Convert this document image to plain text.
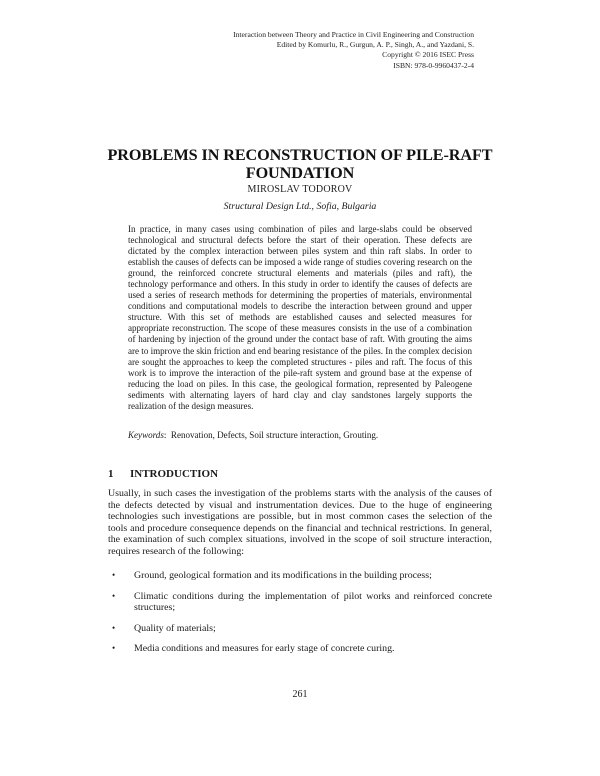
Interaction between Theory and Practice in Civil Engineering and Construction
Edited by Komurlu, R., Gurgun, A. P., Singh, A., and Yazdani, S.
Copyright © 2016 ISEC Press
ISBN: 978-0-9960437-2-4
PROBLEMS IN RECONSTRUCTION OF PILE-RAFT
FOUNDATION
MIROSLAV TODOROV
Structural Design Ltd., Sofia, Bulgaria

In practice, in many cases using combination of piles and large-slabs could be observed technological and structural defects before the start of their operation. These defects are dictated by the complex interaction between piles system and thin raft slabs. In order to establish the causes of defects can be imposed a wide range of studies covering research on the ground, the reinforced concrete structural elements and materials (piles and raft), the technology performance and others. In this study in order to identify the causes of defects are used a series of research methods for determining the properties of materials, environmental conditions and computational models to describe the interaction between ground and upper structure. With this set of methods are established causes and selected measures for appropriate reconstruction. The scope of these measures consists in the use of a combination of hardening by injection of the ground under the contact base of raft. With grouting the aims are to improve the skin friction and end bearing resistance of the piles. In the complex decision are sought the approaches to keep the completed structures - piles and raft. The focus of this work is to improve the interaction of the pile-raft system and ground base at the expense of reducing the load on piles. In this case, the geological formation, represented by Paleogene sediments with alternating layers of hard clay and clay sandstones largely supports the realization of the design measures.

Keywords:  Renovation, Defects, Soil structure interaction, Grouting.

1 INTRODUCTION

Usually, in such cases the investigation of the problems starts with the analysis of the causes of the defects detected by visual and instrumentation devices. Due to the huge of engineering technologies such investigations are possible, but in most common cases the selection of the tools and procedure consequence depends on the financial and technical restrictions. In general, the examination of such complex situations, involved in the scope of soil structure interaction, requires research of the following:

• Ground, geological formation and its modifications in the building process;
• Climatic conditions during the implementation of pilot works and reinforced concrete structures;
• Quality of materials;
• Media conditions and measures for early stage of concrete curing.
261
